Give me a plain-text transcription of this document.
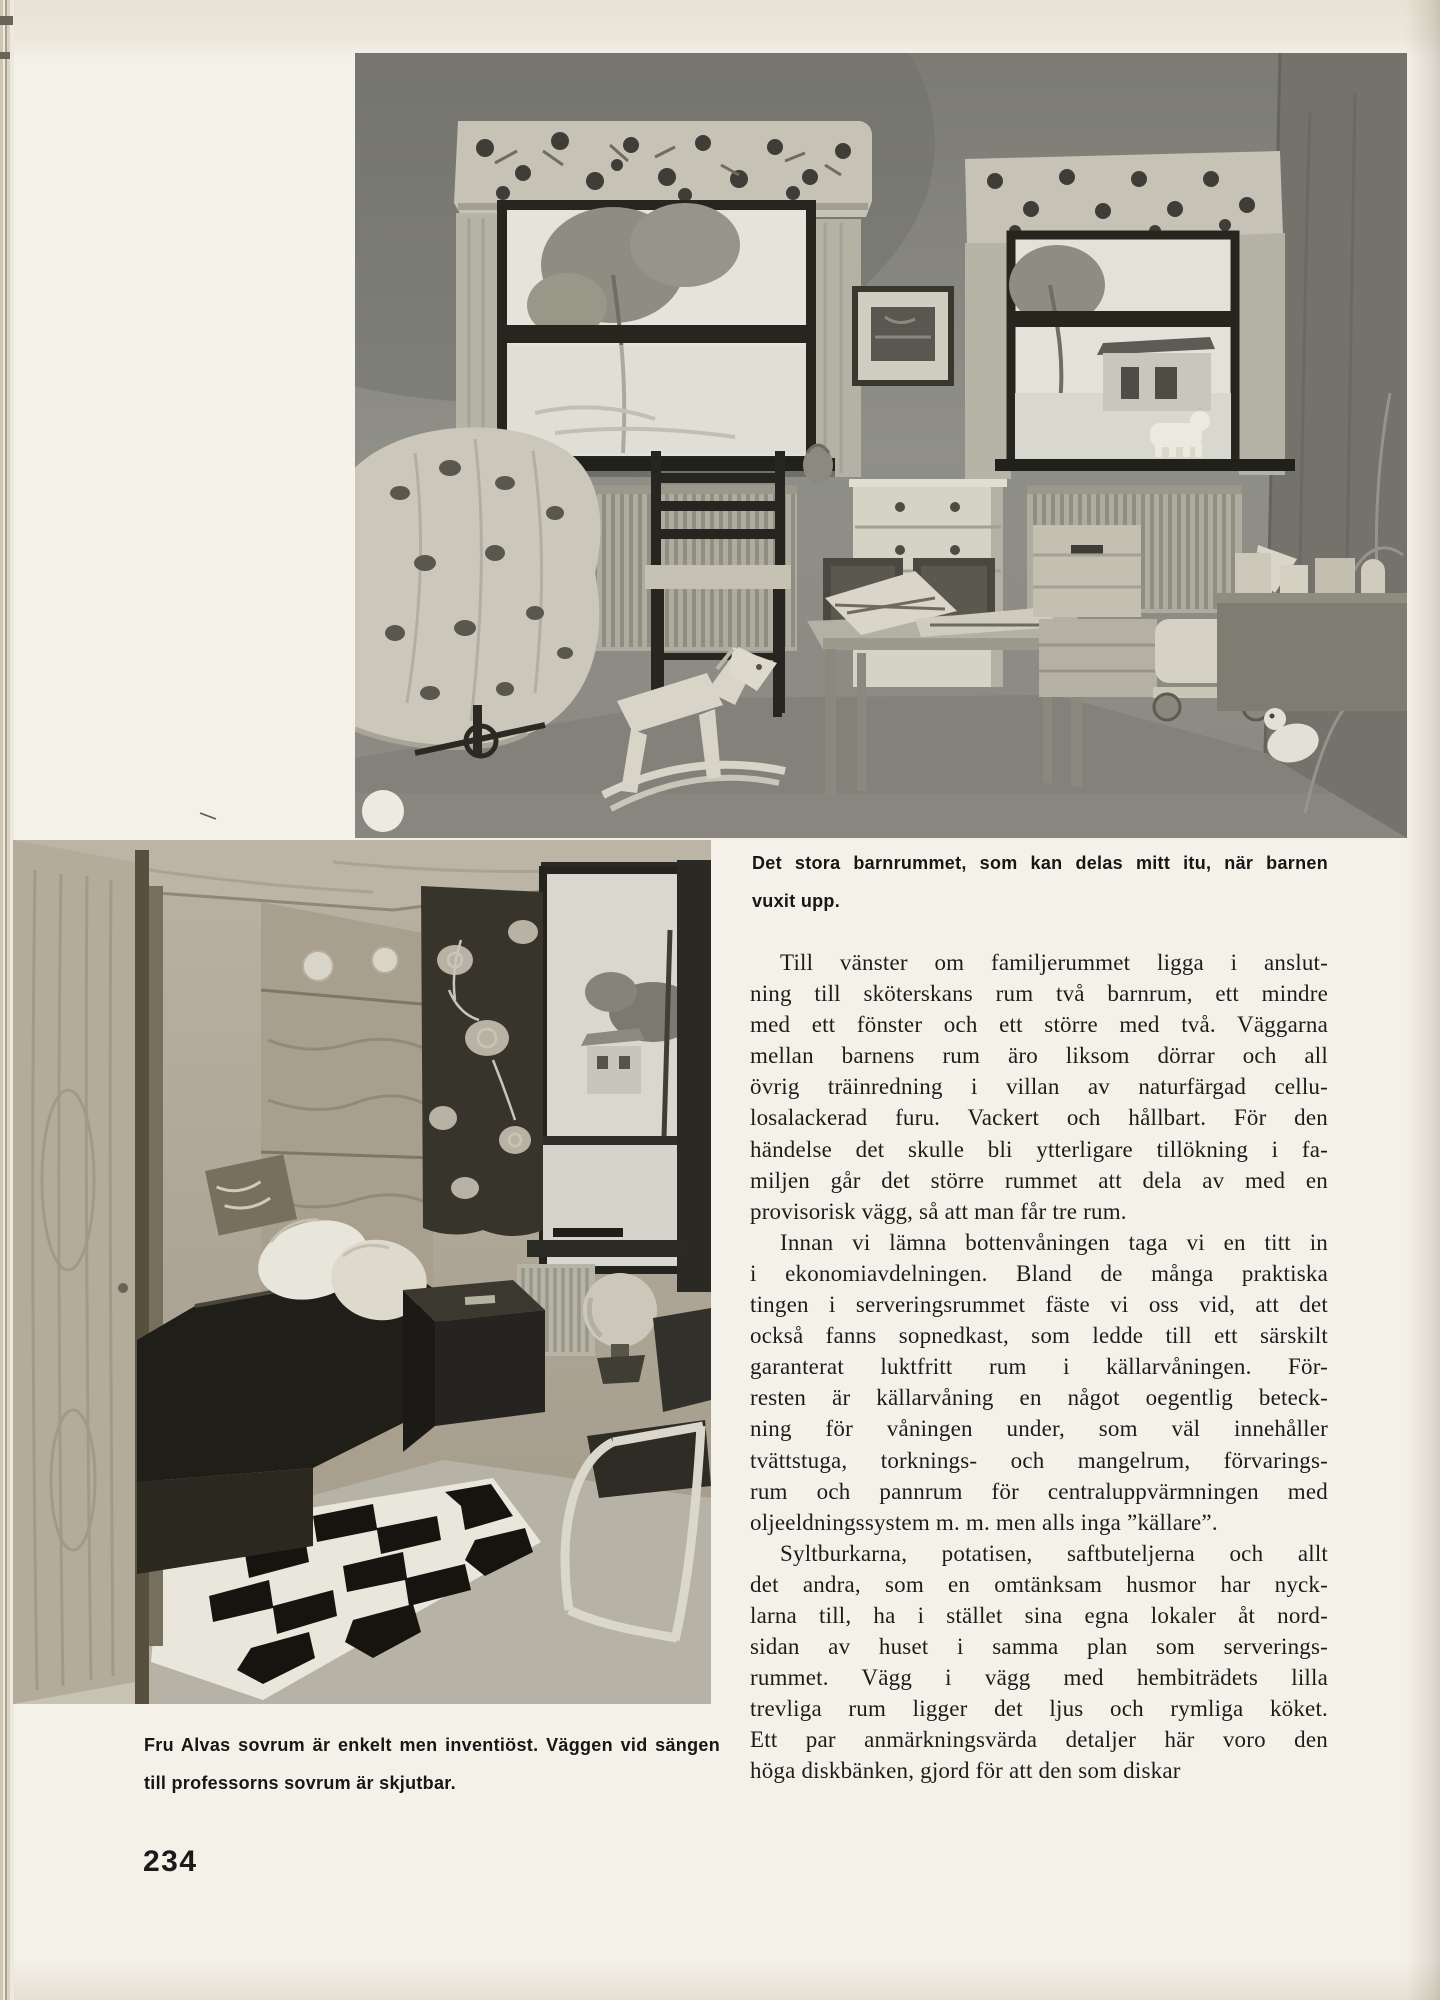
Det stora barnrummet, som kan delas mitt itu, när barnen
vuxit upp.
Fru Alvas sovrum är enkelt men inventiöst. Väggen vid sängen
till professorns sovrum är skjutbar.
Till vänster om familjerummet ligga i anslut-
ning till sköterskans rum två barnrum, ett mindre
med ett fönster och ett större med två. Väggarna
mellan barnens rum äro liksom dörrar och all
övrig träinredning i villan av naturfärgad cellu-
losalackerad furu. Vackert och hållbart. För den
händelse det skulle bli ytterligare tillökning i fa-
miljen går det större rummet att dela av med en
provisorisk vägg, så att man får tre rum.
Innan vi lämna bottenvåningen taga vi en titt in
i ekonomiavdelningen. Bland de många praktiska
tingen i serveringsrummet fäste vi oss vid, att det
också fanns sopnedkast, som ledde till ett särskilt
garanterat luktfritt rum i källarvåningen. För-
resten är källarvåning en något oegentlig beteck-
ning för våningen under, som väl innehåller
tvättstuga, torknings- och mangelrum, förvarings-
rum och pannrum för centraluppvärmningen med
oljeeldningssystem m. m. men alls inga ”källare”.
Syltburkarna, potatisen, saftbuteljerna och allt
det andra, som en omtänksam husmor har nyck-
larna till, ha i stället sina egna lokaler åt nord-
sidan av huset i samma plan som serverings-
rummet. Vägg i vägg med hembiträdets lilla
trevliga rum ligger det ljus och rymliga köket.
Ett par anmärkningsvärda detaljer här voro den
höga diskbänken, gjord för att den som diskar
234
